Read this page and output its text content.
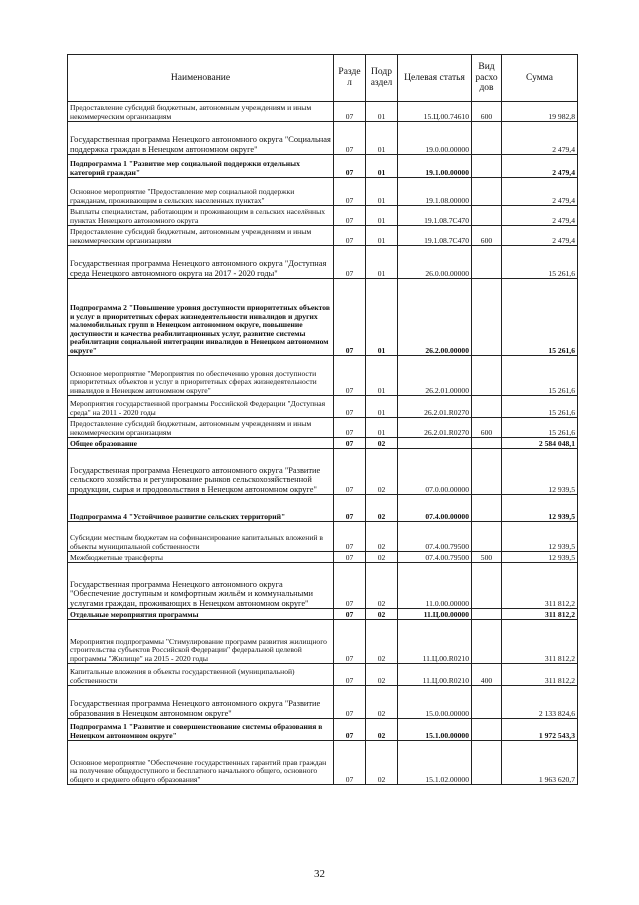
Наименование	Разде л	Подр аздел	Целевая статья	Вид расхо дов	Сумма
Предоставление субсидий бюджетным, автономным учреждениям и иным некоммерческим организациям	07	01	15.Ц.00.74610	600	19 982,8
Государственная программа Ненецкого автономного округа "Социальная поддержка граждан в Ненецком автономном округе"	07	01	19.0.00.00000		2 479,4
Подпрограмма 1 "Развитие мер социальной поддержки отдельных категорий граждан"	07	01	19.1.00.00000		2 479,4
Основное мероприятие "Предоставление мер социальной поддержки гражданам, проживающим в сельских населенных пунктах"	07	01	19.1.08.00000		2 479,4
Выплаты специалистам, работающим и проживающим в сельских населённых пунктах Ненецкого автономного округа	07	01	19.1.08.7C470		2 479,4
Предоставление субсидий бюджетным, автономным учреждениям и иным некоммерческим организациям	07	01	19.1.08.7C470	600	2 479,4
Государственная программа Ненецкого автономного округа "Доступная среда Ненецкого автономного округа на 2017 - 2020 годы"	07	01	26.0.00.00000		15 261,6
Подпрограмма 2 "Повышение уровня доступности приоритетных объектов и услуг в приоритетных сферах жизнедеятельности инвалидов и других маломобильных групп в Ненецком автономном округе, повышение доступности и качества реабилитационных услуг, развитие системы реабилитации социальной интеграции инвалидов в Ненецком автономном округе"	07	01	26.2.00.00000		15 261,6
Основное мероприятие "Мероприятия по обеспечению уровня доступности приоритетных объектов и услуг в приоритетных сферах жизнедеятельности инвалидов в Ненецком автономном округе"	07	01	26.2.01.00000		15 261,6
Мероприятия государственной программы Российской Федерации "Доступная среда" на 2011 - 2020 годы	07	01	26.2.01.R0270		15 261,6
Предоставление субсидий бюджетным, автономным учреждениям и иным некоммерческим организациям	07	01	26.2.01.R0270	600	15 261,6
Общее образование	07	02			2 584 048,1
Государственная программа Ненецкого автономного округа "Развитие сельского хозяйства и регулирование рынков сельскохозяйственной продукции, сырья и продовольствия в Ненецком автономном округе"	07	02	07.0.00.00000		12 939,5
Подпрограмма 4 "Устойчивое развитие сельских территорий"	07	02	07.4.00.00000		12 939,5
Субсидии местным бюджетам на софинансирование капитальных вложений в объекты муниципальной собственности	07	02	07.4.00.79500		12 939,5
Межбюджетные трансферты	07	02	07.4.00.79500	500	12 939,5
Государственная программа Ненецкого автономного округа "Обеспечение доступным и комфортным жильём и коммунальными услугами граждан, проживающих в Ненецком автономном округе"	07	02	11.0.00.00000		311 812,2
Отдельные мероприятия программы	07	02	11.Ц.00.00000		311 812,2
Мероприятия подпрограммы "Стимулирование программ развития жилищного строительства субъектов Российской Федерации" федеральной целевой программы "Жилище" на 2015 - 2020 годы	07	02	11.Ц.00.R0210		311 812,2
Капитальные вложения в объекты государственной (муниципальной) собственности	07	02	11.Ц.00.R0210	400	311 812,2
Государственная программа Ненецкого автономного округа "Развитие образования в Ненецком автономном округе"	07	02	15.0.00.00000		2 133 824,6
Подпрограмма 1 "Развитие и совершенствование системы образования в Ненецком автономном округе"	07	02	15.1.00.00000		1 972 543,3
Основное мероприятие "Обеспечение государственных гарантий прав граждан на получение общедоступного и бесплатного начального общего, основного общего и среднего общего образования"	07	02	15.1.02.00000		1 963 620,7
32
